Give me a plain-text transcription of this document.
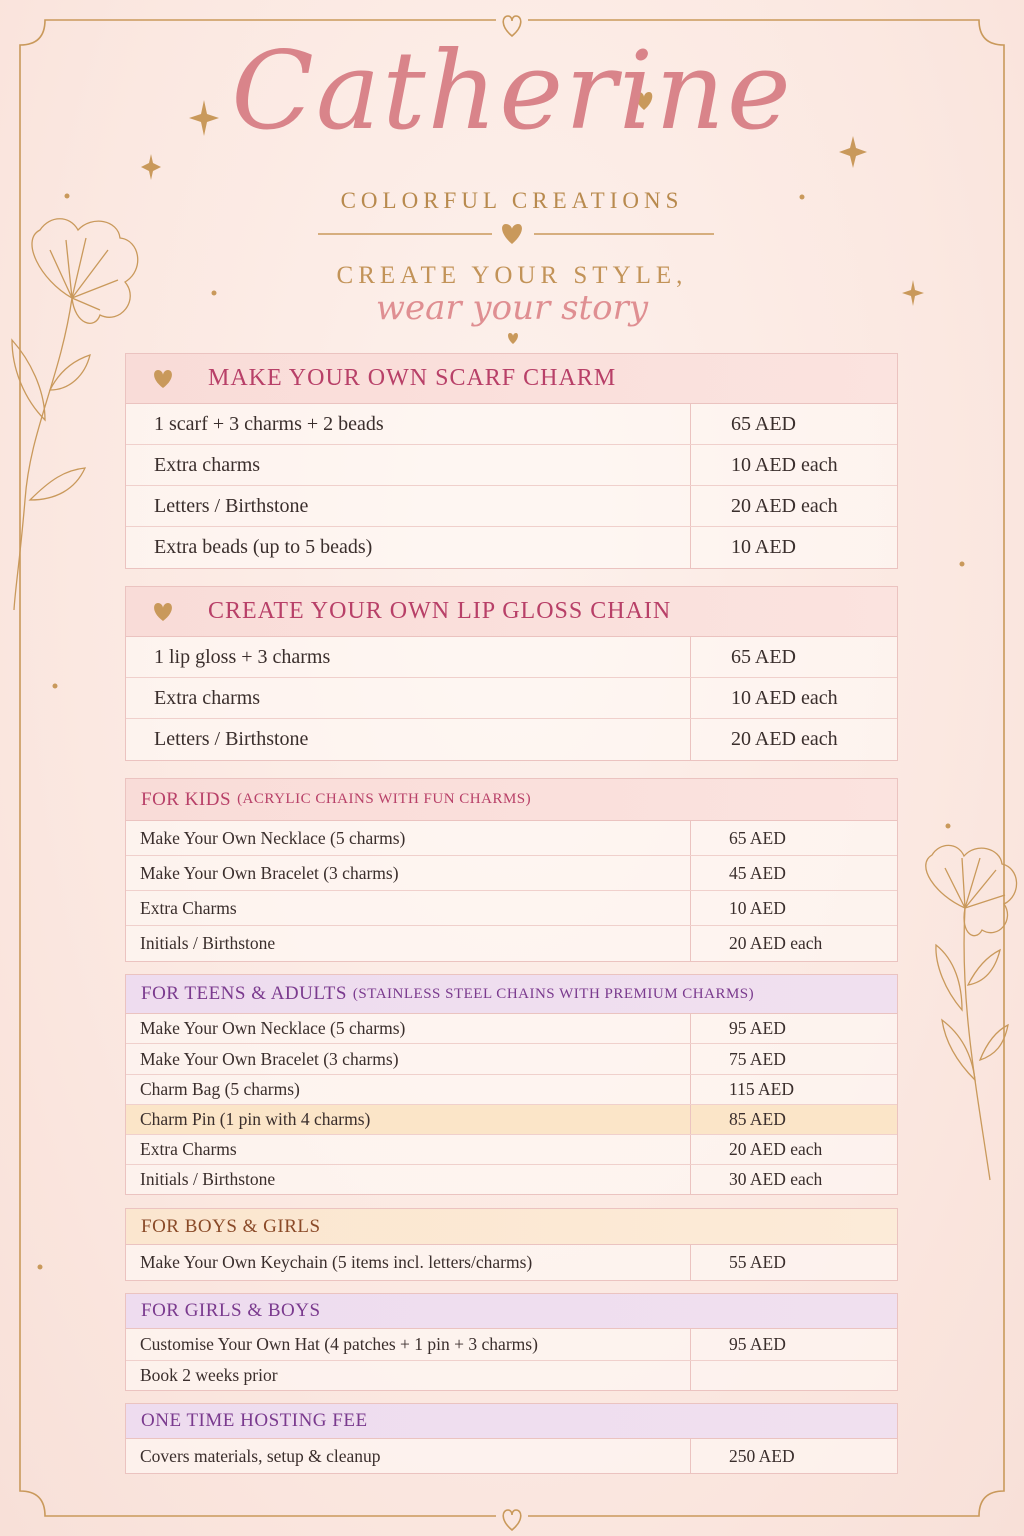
Catherine
COLORFUL CREATIONS
CREATE YOUR STYLE,
wear your story
MAKE YOUR OWN SCARF CHARM
1 scarf + 3 charms + 2 beads	65 AED
Extra charms	10 AED each
Letters / Birthstone	20 AED each
Extra beads (up to 5 beads)	10 AED
CREATE YOUR OWN LIP GLOSS CHAIN
1 lip gloss + 3 charms	65 AED
Extra charms	10 AED each
Letters / Birthstone	20 AED each
FOR KIDS (ACRYLIC CHAINS WITH FUN CHARMS)
Make Your Own Necklace (5 charms)	65 AED
Make Your Own Bracelet (3 charms)	45 AED
Extra Charms	10 AED
Initials / Birthstone	20 AED each
FOR TEENS & ADULTS (STAINLESS STEEL CHAINS WITH PREMIUM CHARMS)
Make Your Own Necklace (5 charms)	95 AED
Make Your Own Bracelet (3 charms)	75 AED
Charm Bag (5 charms)	115 AED
Charm Pin (1 pin with 4 charms)	85 AED
Extra Charms	20 AED each
Initials / Birthstone	30 AED each
FOR BOYS & GIRLS
Make Your Own Keychain (5 items incl. letters/charms)	55 AED
FOR GIRLS & BOYS
Customise Your Own Hat (4 patches + 1 pin + 3 charms)	95 AED
Book 2 weeks prior
ONE TIME HOSTING FEE
Covers materials, setup & cleanup	250 AED
